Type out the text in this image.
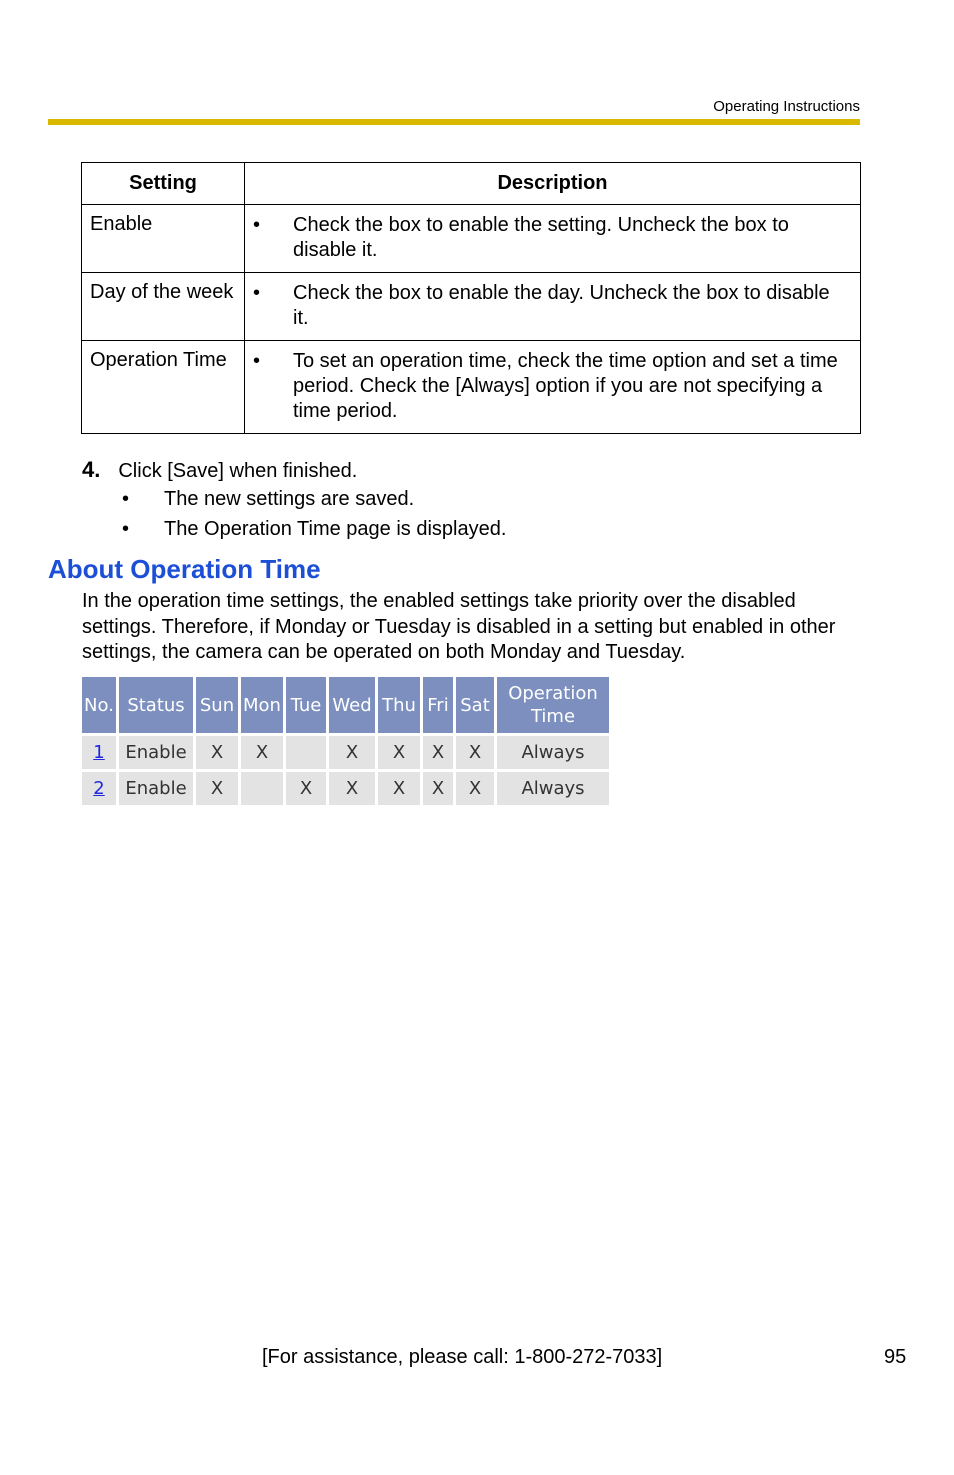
Operating Instructions
Setting	Description
Enable	• Check the box to enable the setting. Uncheck the box to disable it.

Day of the week	• Check the box to enable the day. Uncheck the box to disable it.

Operation Time	• To set an operation time, check the time option and set a time period. Check the [Always] option if you are not specifying a time period.
4. Click [Save] when finished.
•	The new settings are saved.
•	The Operation Time page is displayed.
About Operation Time
In the operation time settings, the enabled settings take priority over the disabled settings. Therefore, if Monday or Tuesday is disabled in a setting but enabled in other settings, the camera can be operated on both Monday and Tuesday.
No.	Status	Sun	Mon	Tue	Wed	Thu	Fri	Sat	Operation Time
1	Enable	X	X		X	X	X	X	Always
2	Enable	X		X	X	X	X	X	Always
[For assistance, please call: 1-800-272-7033]	95
